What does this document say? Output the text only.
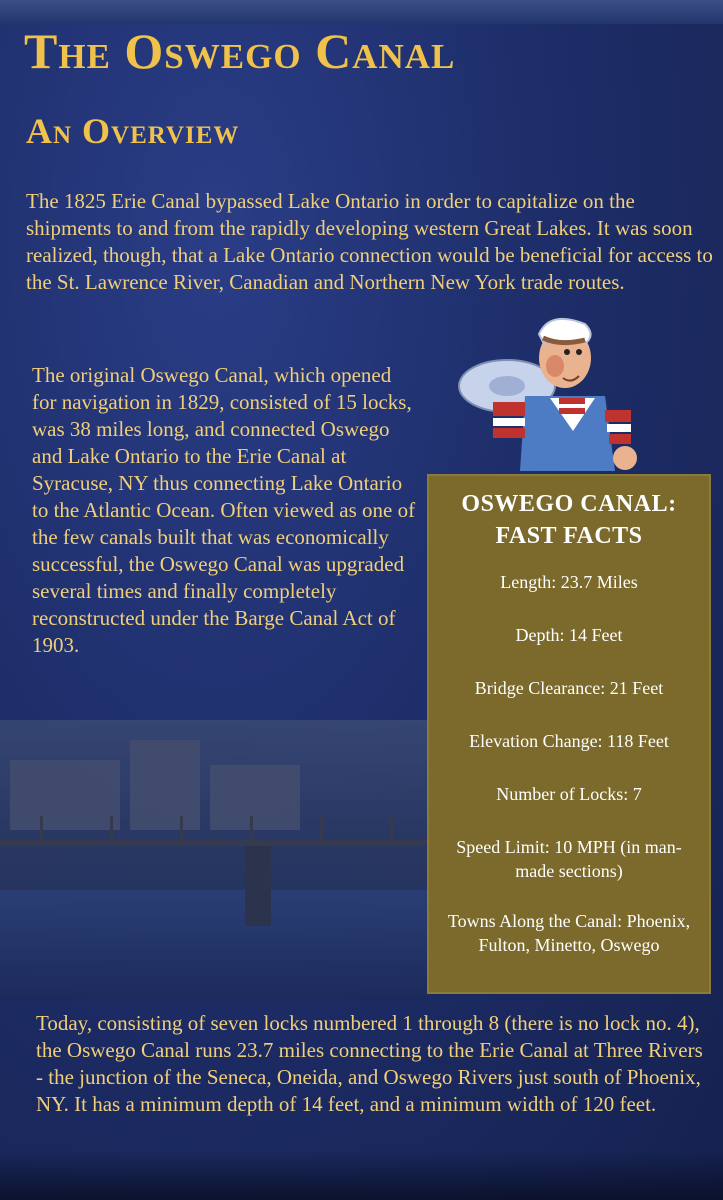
The Oswego Canal
An Overview

The 1825 Erie Canal bypassed Lake Ontario in order to capitalize on the shipments to and from the rapidly developing western Great Lakes. It was soon realized, though, that a Lake Ontario connection would be beneficial for access to the St. Lawrence River, Canadian and Northern New York trade routes.

The original Oswego Canal, which opened for navigation in 1829, consisted of 15 locks, was 38 miles long, and connected Oswego and Lake Ontario to the Erie Canal at Syracuse, NY thus connecting Lake Ontario to the Atlantic Ocean. Often viewed as one of the few canals built that was economically successful, the Oswego Canal was upgraded several times and finally completely reconstructed under the Barge Canal Act of 1903.

OSWEGO CANAL:
FAST FACTS
Length: 23.7 Miles
Depth: 14 Feet
Bridge Clearance: 21 Feet
Elevation Change: 118 Feet
Number of Locks: 7
Speed Limit: 10 MPH (in man-made sections)
Towns Along the Canal: Phoenix, Fulton, Minetto, Oswego

Today, consisting of seven locks numbered 1 through 8 (there is no lock no. 4), the Oswego Canal runs 23.7 miles connecting to the Erie Canal at Three Rivers - the junction of the Seneca, Oneida, and Oswego Rivers just south of Phoenix, NY. It has a minimum depth of 14 feet, and a minimum width of 120 feet.
